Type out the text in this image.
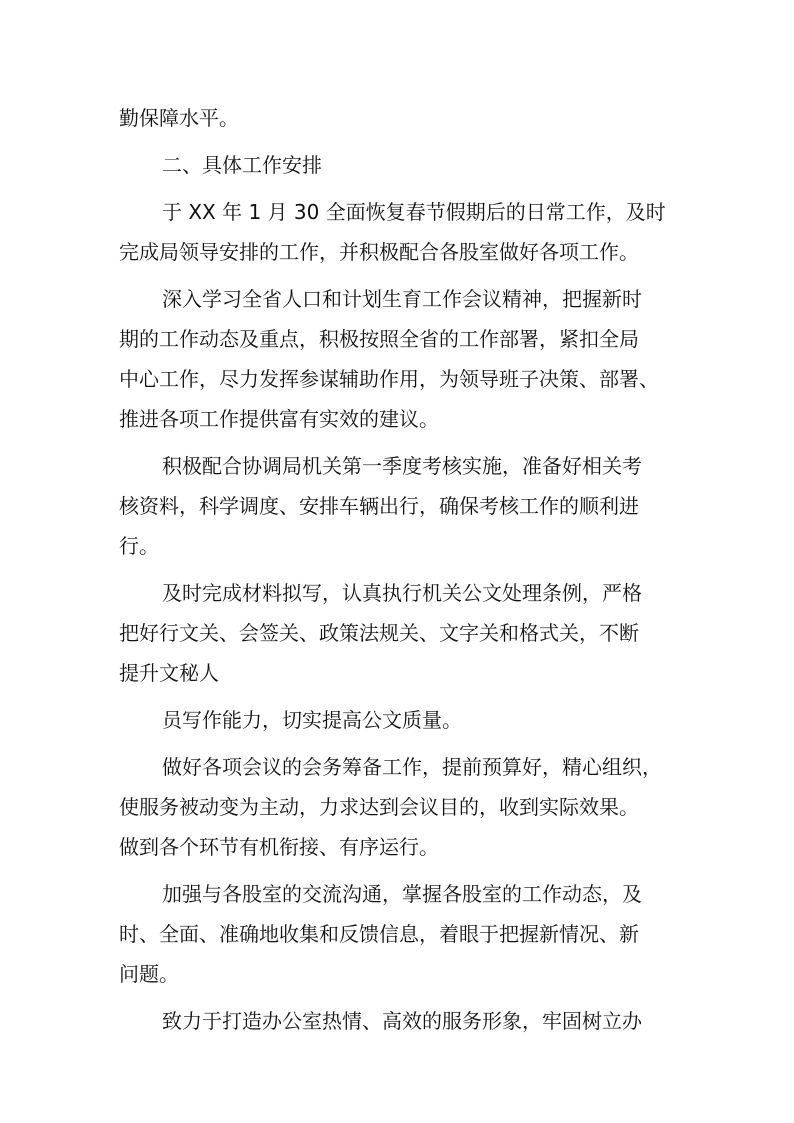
勤保障水平。
二、具体工作安排
于 XX 年 1 月 30 全面恢复春节假期后的日常工作，及时
完成局领导安排的工作，并积极配合各股室做好各项工作。
深入学习全省人口和计划生育工作会议精神，把握新时
期的工作动态及重点，积极按照全省的工作部署，紧扣全局
中心工作，尽力发挥参谋辅助作用，为领导班子决策、部署、
推进各项工作提供富有实效的建议。
积极配合协调局机关第一季度考核实施，准备好相关考
核资料，科学调度、安排车辆出行，确保考核工作的顺利进
行。
及时完成材料拟写，认真执行机关公文处理条例，严格
把好行文关、会签关、政策法规关、文字关和格式关，不断
提升文秘人
员写作能力，切实提高公文质量。
做好各项会议的会务筹备工作，提前预算好，精心组织，
使服务被动变为主动，力求达到会议目的，收到实际效果。
做到各个环节有机衔接、有序运行。
加强与各股室的交流沟通，掌握各股室的工作动态，及
时、全面、准确地收集和反馈信息，着眼于把握新情况、新
问题。
致力于打造办公室热情、高效的服务形象，牢固树立办
